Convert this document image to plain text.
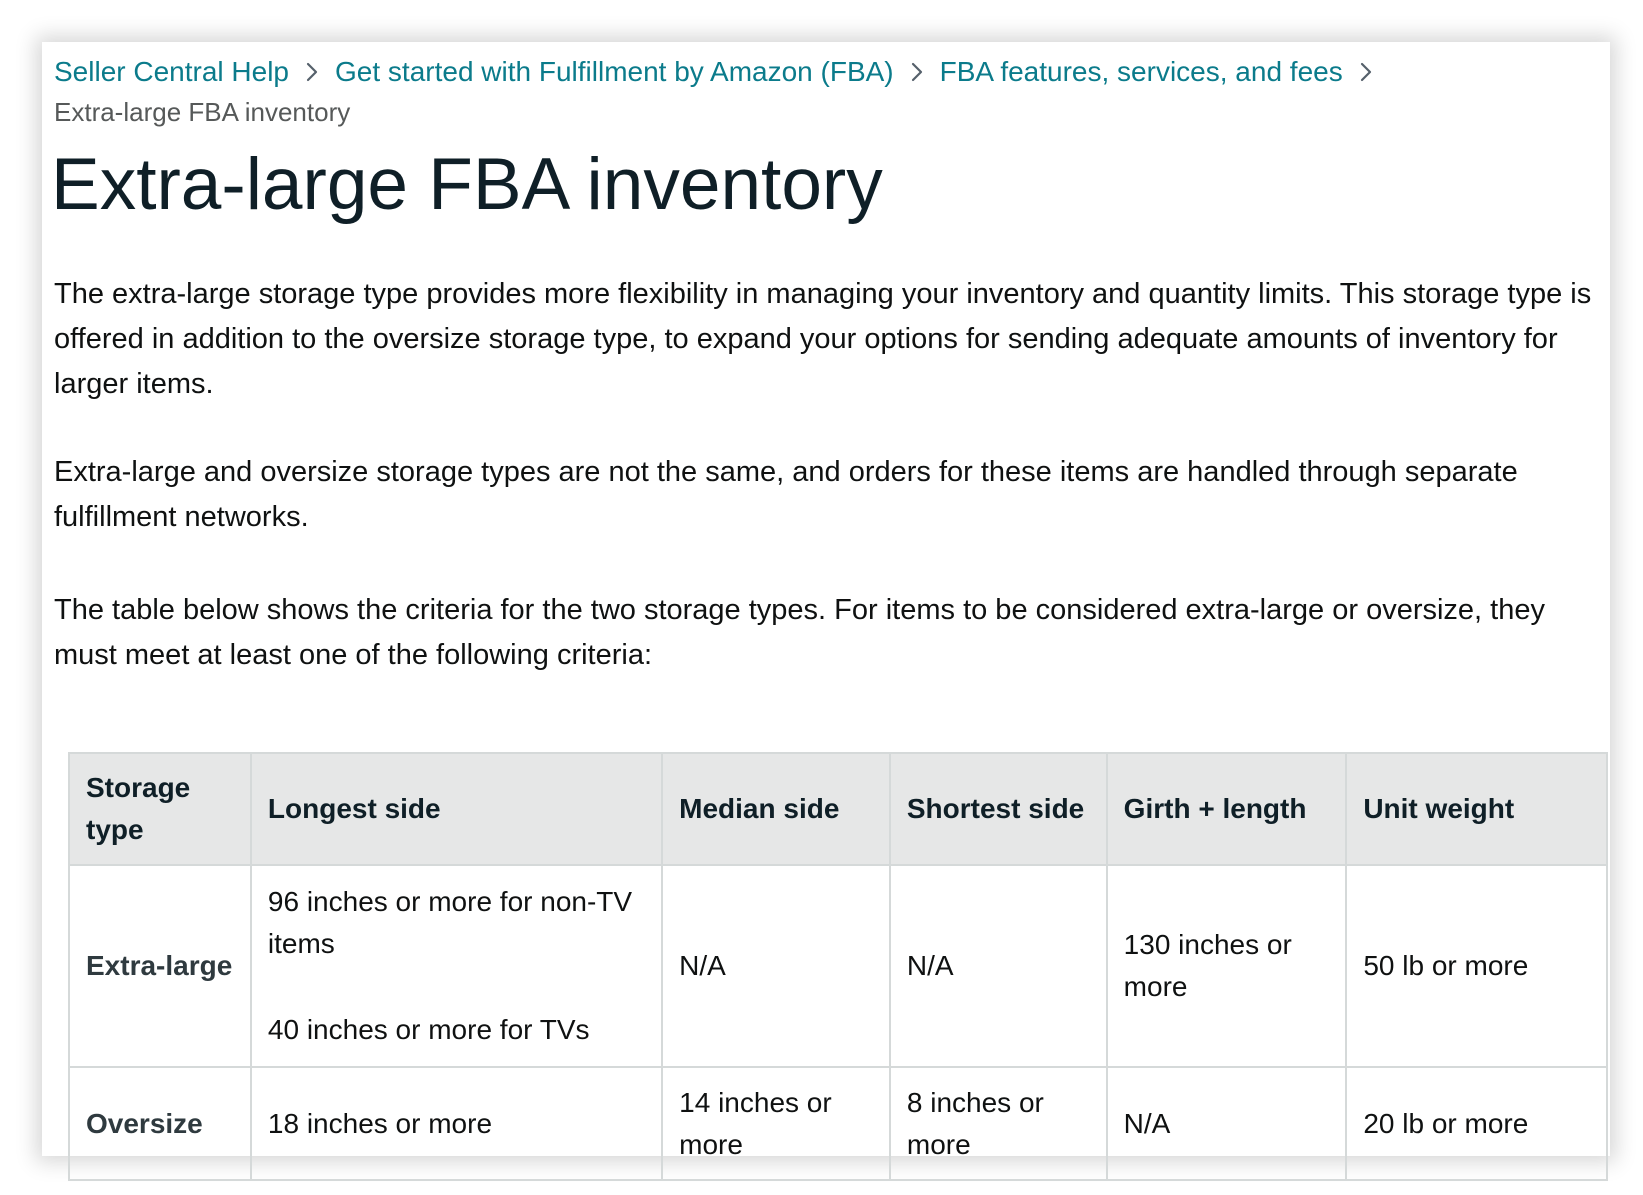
Seller Central Help Get started with Fulfillment by Amazon (FBA) FBA features, services, and fees
Extra-large FBA inventory
Extra-large FBA inventory

The extra-large storage type provides more flexibility in managing your inventory and quantity limits. This storage type is offered in addition to the oversize storage type, to expand your options for sending adequate amounts of inventory for larger items.

Extra-large and oversize storage types are not the same, and orders for these items are handled through separate fulfillment networks.

The table below shows the criteria for the two storage types. For items to be considered extra-large or oversize, they must meet at least one of the following criteria:

Storage type	Longest side	Median side	Shortest side	Girth + length	Unit weight
Extra-large	96 inches or more for non-TV items
40 inches or more for TVs	N/A	N/A	130 inches or more	50 lb or more
Oversize	18 inches or more	14 inches or more	8 inches or more	N/A	20 lb or more
